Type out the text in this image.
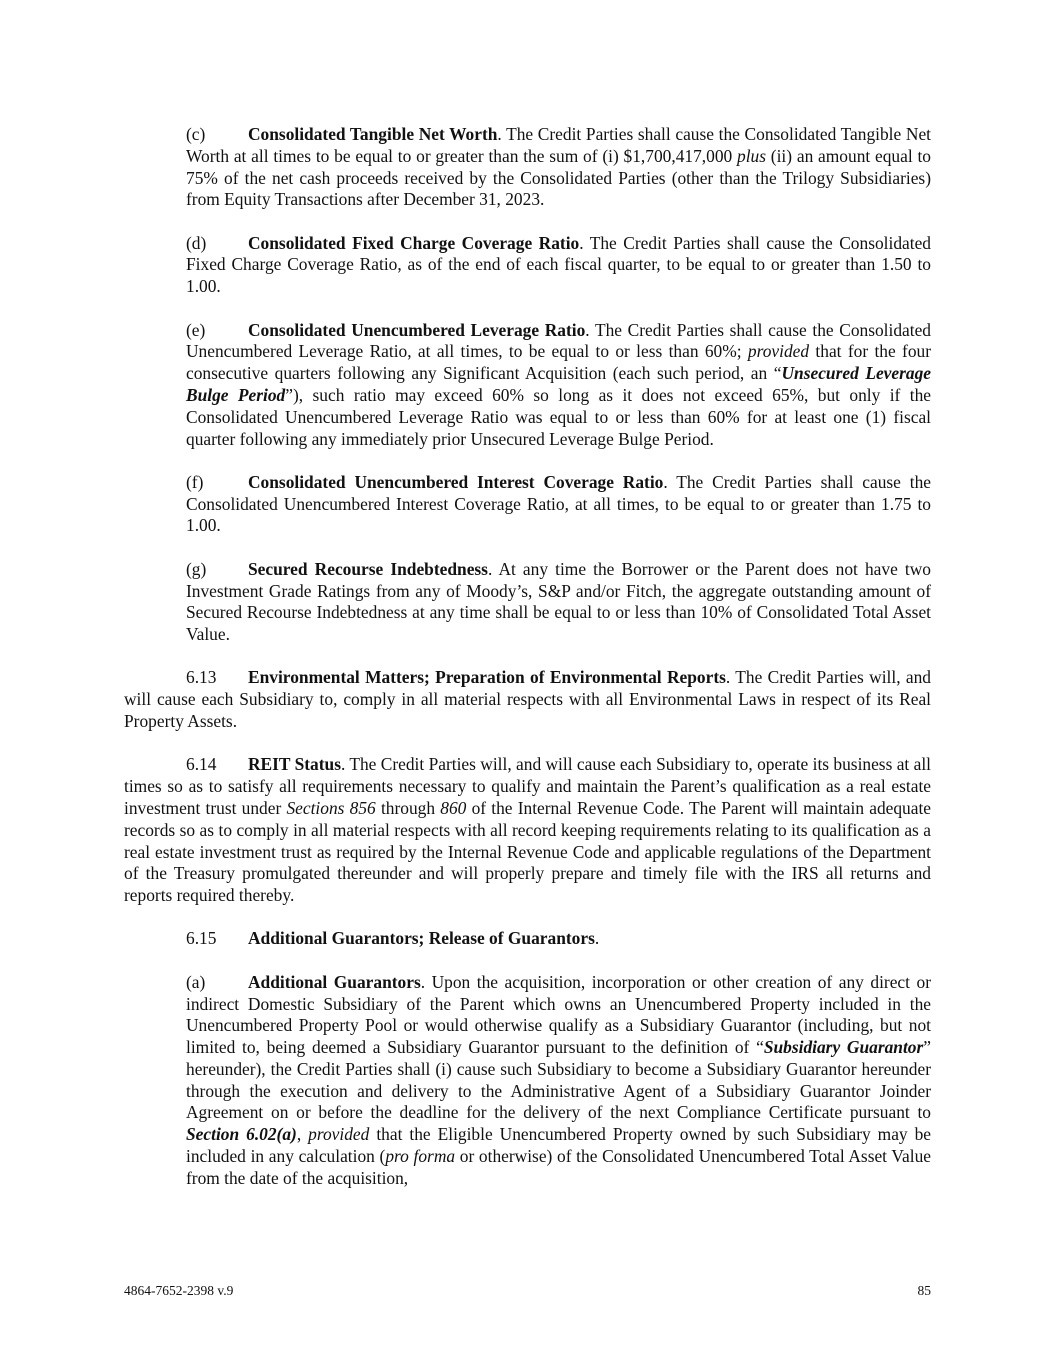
(c) Consolidated Tangible Net Worth. The Credit Parties shall cause the Consolidated Tangible Net Worth at all times to be equal to or greater than the sum of (i) $1,700,417,000 plus (ii) an amount equal to 75% of the net cash proceeds received by the Consolidated Parties (other than the Trilogy Subsidiaries) from Equity Transactions after December 31, 2023.

(d) Consolidated Fixed Charge Coverage Ratio. The Credit Parties shall cause the Consolidated Fixed Charge Coverage Ratio, as of the end of each fiscal quarter, to be equal to or greater than 1.50 to 1.00.

(e) Consolidated Unencumbered Leverage Ratio. The Credit Parties shall cause the Consolidated Unencumbered Leverage Ratio, at all times, to be equal to or less than 60%; provided that for the four consecutive quarters following any Significant Acquisition (each such period, an “Unsecured Leverage Bulge Period”), such ratio may exceed 60% so long as it does not exceed 65%, but only if the Consolidated Unencumbered Leverage Ratio was equal to or less than 60% for at least one (1) fiscal quarter following any immediately prior Unsecured Leverage Bulge Period.

(f)	Consolidated Unencumbered Interest Coverage Ratio. The Credit Parties shall cause the Consolidated Unencumbered Interest Coverage Ratio, at all times, to be equal to or greater than 1.75 to 1.00.

(g) Secured Recourse Indebtedness. At any time the Borrower or the Parent does not have two Investment Grade Ratings from any of Moody’s, S&P and/or Fitch, the aggregate outstanding amount of Secured Recourse Indebtedness at any time shall be equal to or less than 10% of Consolidated Total Asset Value.

6.13 Environmental Matters; Preparation of Environmental Reports. The Credit Parties will, and will cause each Subsidiary to, comply in all material respects with all Environmental Laws in respect of its Real Property Assets.

6.14 REIT Status. The Credit Parties will, and will cause each Subsidiary to, operate its business at all times so as to satisfy all requirements necessary to qualify and maintain the Parent’s qualification as a real estate investment trust under Sections 856 through 860 of the Internal Revenue Code. The Parent will maintain adequate records so as to comply in all material respects with all record keeping requirements relating to its qualification as a real estate investment trust as required by the Internal Revenue Code and applicable regulations of the Department of the Treasury promulgated thereunder and will properly prepare and timely file with the IRS all returns and reports required thereby.

6.15 Additional Guarantors; Release of Guarantors.

(a) Additional Guarantors. Upon the acquisition, incorporation or other creation of any direct or indirect Domestic Subsidiary of the Parent which owns an Unencumbered Property included in the Unencumbered Property Pool or would otherwise qualify as a Subsidiary Guarantor (including, but not limited to, being deemed a Subsidiary Guarantor pursuant to the definition of “Subsidiary Guarantor” hereunder), the Credit Parties shall (i) cause such Subsidiary to become a Subsidiary Guarantor hereunder through the execution and delivery to the Administrative Agent of a Subsidiary Guarantor Joinder Agreement on or before the deadline for the delivery of the next Compliance Certificate pursuant to Section 6.02(a), provided that the Eligible Unencumbered Property owned by such Subsidiary may be included in any calculation (pro forma or otherwise) of the Consolidated Unencumbered Total Asset Value from the date of the acquisition,

4864-7652-2398 v.9	85
